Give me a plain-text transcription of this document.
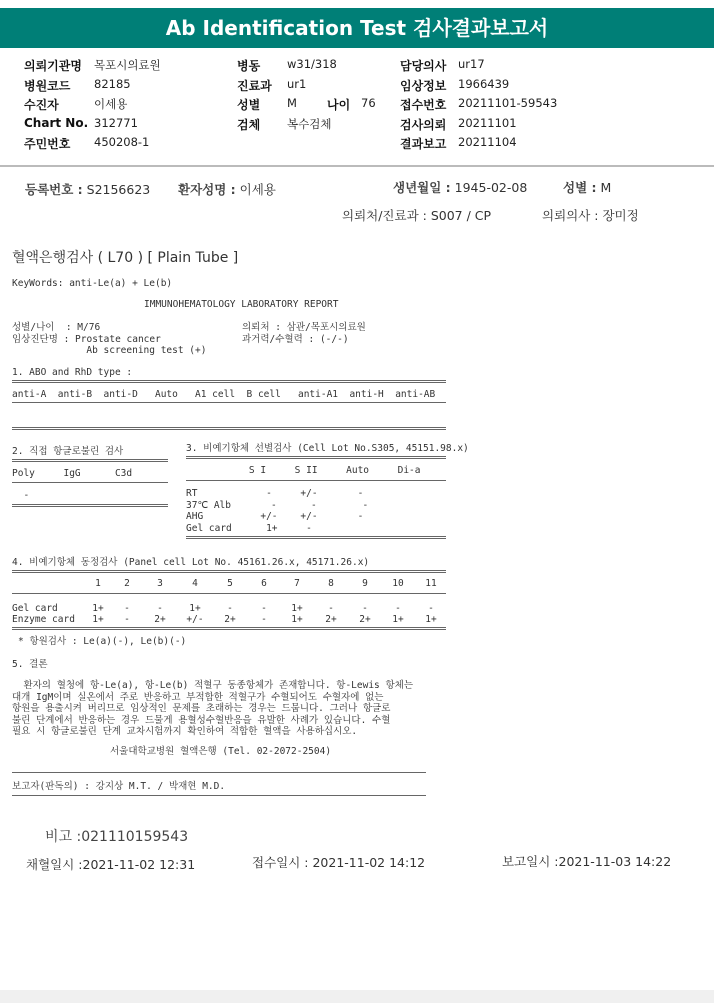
Ab Identification Test 검사결과보고서
의뢰기관명 목포시의료원
병원코드 82185
수진자	이세용
Chart No. 312771
주민번호 450208-1
병동 w31/318
진료과 ur1
성별 M
검체 복수검체
나이 76
담당의사 ur17
임상정보 1966439
접수번호 20211101-59543
검사의뢰 20211101
결과보고 20211104
등록번호 : S2156623 환자성명 : 이세용	생년월일 : 1945-02-08	성별 : M
의뢰처/진료과 : S007 / CP	의뢰의사 : 장미정
혈액은행검사 ( L70 ) [ Plain Tube ]
KeyWords: anti-Le(a) + Le(b)
IMMUNOHEMATOLOGY LABORATORY REPORT
성별/나이  : M/76
임상진단명 : Prostate cancer
Ab screening test (+)
의뢰처 : 삼관/목포시의료원
과거력/수혈력 : (-/-)
1. ABO and RhD type :
anti-A  anti-B  anti-D   Auto   A1 cell  B cell   anti-A1  anti-H  anti-AB
2. 직접 항글로불린 검사
Poly     IgG      C3d
-
3. 비예기항체 선별검사 (Cell Lot No.S305, 45151.98.x)
S I     S II     Auto     Di-a
RT            -     +/-       -
37℃ Alb       -      -        -
AHG          +/-    +/-       -
Gel card      1+     -
4. 비예기항체 동정검사 (Panel cell Lot No. 45161.26.x, 45171.26.x)
1	2	3	4	5	6	7	8	9	10	11
Gel card	1+	-	-	1+	-	-	1+	-	-	-	-
Enzyme card	1+	-	2+	+/-	2+	-	1+	2+	2+	1+	1+
* 항원검사 : Le(a)(-), Le(b)(-)
5. 결론
환자의 혈청에 항-Le(a), 항-Le(b) 적혈구 동종항체가 존재합니다. 항-Lewis 항체는
대개 IgM이며 실온에서 주로 반응하고 부적합한 적혈구가 수혈되어도 수혈자에 없는
항원을 용출시켜 버리므로 임상적인 문제를 초래하는 경우는 드뭅니다. 그러나 항글로
불린 단계에서 반응하는 경우 드물게 용혈성수혈반응을 유발한 사례가 있습니다. 수혈
필요 시 항글로불린 단계 교차시험까지 확인하여 적합한 혈액을 사용하십시오.
서울대학교병원 혈액은행 (Tel. 02-2072-2504)
보고자(판독의) : 강지상 M.T. / 박재현 M.D.
비고 :021110159543
채혈일시 :2021-11-02 12:31	접수일시 : 2021-11-02 14:12	보고일시 :2021-11-03 14:22
